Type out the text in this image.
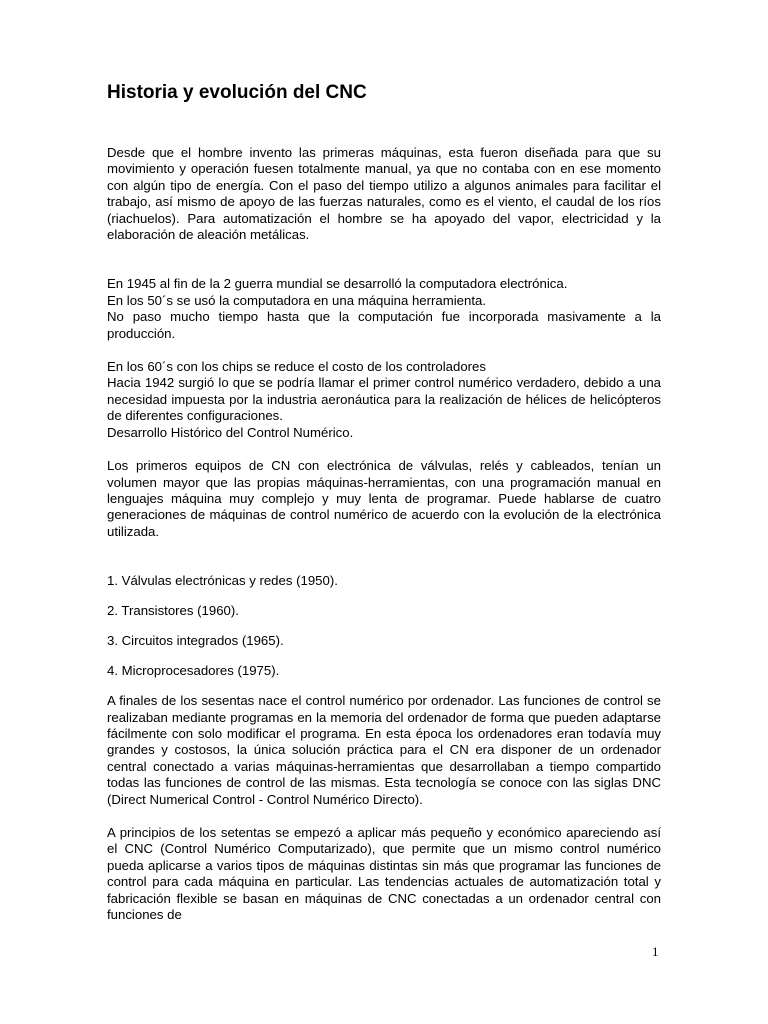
Historia y evolución del CNC

Desde que el hombre invento las primeras máquinas, esta fueron diseñada para que su movimiento y operación fuesen totalmente manual, ya que no contaba con en ese momento con algún tipo de energía. Con el paso del tiempo utilizo a algunos animales para facilitar el trabajo, así mismo de apoyo de las fuerzas naturales, como es el viento, el caudal de los ríos (riachuelos). Para automatización el hombre se ha apoyado del vapor, electricidad y la elaboración de aleación metálicas.

En 1945 al fin de la 2 guerra mundial se desarrolló la computadora electrónica.
En los 50´s se usó la computadora en una máquina herramienta.

No paso mucho tiempo hasta que la computación fue incorporada masivamente a la producción.

En los 60´s con los chips se reduce el costo de los controladores

Hacia 1942 surgió lo que se podría llamar el primer control numérico verdadero, debido a una necesidad impuesta por la industria aeronáutica para la realización de hélices de helicópteros de diferentes configuraciones.

Desarrollo Histórico del Control Numérico.

Los primeros equipos de CN con electrónica de válvulas, relés y cableados, tenían un volumen mayor que las propias máquinas-herramientas, con una programación manual en lenguajes máquina muy complejo y muy lenta de programar. Puede hablarse de cuatro generaciones de máquinas de control numérico de acuerdo con la evolución de la electrónica utilizada.

1. Válvulas electrónicas y redes (1950).

2. Transistores (1960).

3. Circuitos integrados (1965).

4. Microprocesadores (1975).

A finales de los sesentas nace el control numérico por ordenador. Las funciones de control se realizaban mediante programas en la memoria del ordenador de forma que pueden adaptarse fácilmente con solo modificar el programa. En esta época los ordenadores eran todavía muy grandes y costosos, la única solución práctica para el CN era disponer de un ordenador central conectado a varias máquinas-herramientas que desarrollaban a tiempo compartido todas las funciones de control de las mismas. Esta tecnología se conoce con las siglas DNC (Direct Numerical Control - Control Numérico Directo).

A principios de los setentas se empezó a aplicar más pequeño y económico apareciendo así el CNC (Control Numérico Computarizado), que permite que un mismo control numérico pueda aplicarse a varios tipos de máquinas distintas sin más que programar las funciones de control para cada máquina en particular. Las tendencias actuales de automatización total y fabricación flexible se basan en máquinas de CNC conectadas a un ordenador central con funciones de

1
